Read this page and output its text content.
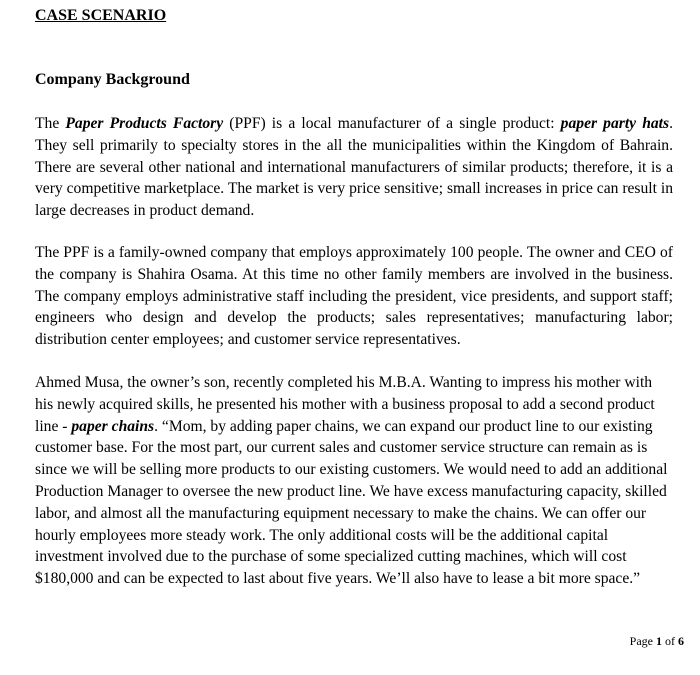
CASE SCENARIO
Company Background

The Paper Products Factory (PPF) is a local manufacturer of a single product: paper party hats. They sell primarily to specialty stores in the all the municipalities within the Kingdom of Bahrain. There are several other national and international manufacturers of similar products; therefore, it is a very competitive marketplace. The market is very price sensitive; small increases in price can result in large decreases in product demand.

The PPF is a family-owned company that employs approximately 100 people. The owner and CEO of the company is Shahira Osama. At this time no other family members are involved in the business. The company employs administrative staff including the president, vice presidents, and support staff; engineers who design and develop the products; sales representatives; manufacturing labor; distribution center employees; and customer service representatives.

Ahmed Musa, the owner’s son, recently completed his M.B.A. Wanting to impress his mother with his newly acquired skills, he presented his mother with a business proposal to add a second product line - paper chains. “Mom, by adding paper chains, we can expand our product line to our existing customer base. For the most part, our current sales and customer service structure can remain as is since we will be selling more products to our existing customers. We would need to add an additional Production Manager to oversee the new product line. We have excess manufacturing capacity, skilled labor, and almost all the manufacturing equipment necessary to make the chains. We can offer our hourly employees more steady work. The only additional costs will be the additional capital investment involved due to the purchase of some specialized cutting machines, which will cost $180,000 and can be expected to last about five years. We’ll also have to lease a bit more space.”

Page 1 of 6
